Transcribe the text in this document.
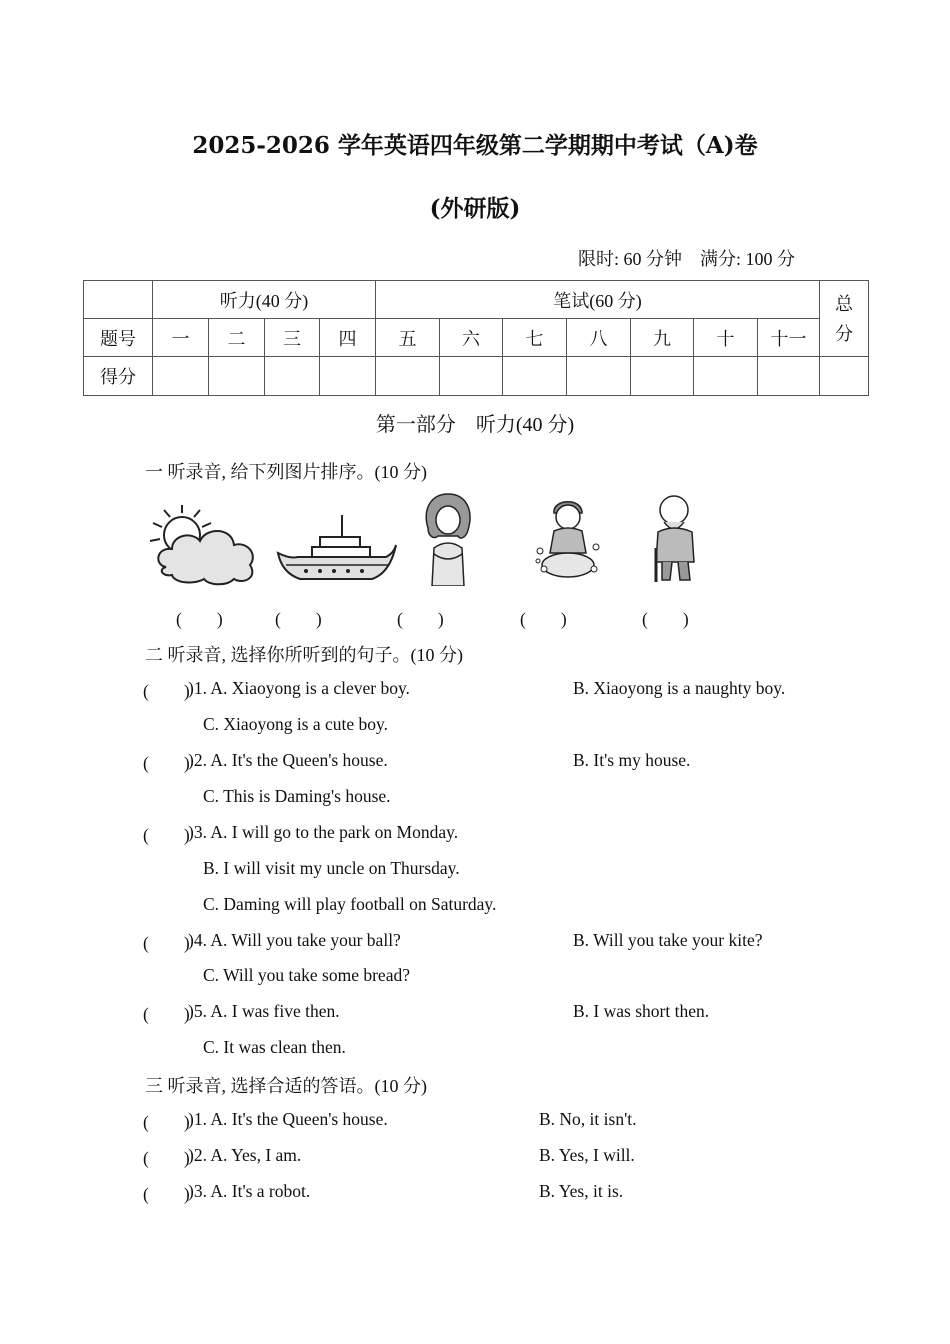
2025-2026 学年英语四年级第二学期期中考试（A)卷
(外研版)
限时: 60 分钟　满分: 100 分
	听力(40 分)				笔试(60 分)							总
分

题号	一	二	三	四	五	六	七	八	九	十	十一	
得分												
第一部分　听力(40 分)
一 听录音, 给下列图片排序。(10 分)
(　　)	(　　)	(　　)	(　　)	(　　)
二 听录音, 选择你所听到的句子。(10 分)
(　　)
)1. A. Xiaoyong is a clever boy.	B. Xiaoyong is a naughty boy.
C. Xiaoyong is a cute boy.
(　　)
)2. A. It's the Queen's house.	B. It's my house.
C. This is Daming's house.
(　　)
)3. A. I will go to the park on Monday.
B. I will visit my uncle on Thursday.
C. Daming will play football on Saturday.
(　　)
)4. A. Will you take your ball?	B. Will you take your kite?
C. Will you take some bread?
(　　)
)5. A. I was five then.	B. I was short then.
C. It was clean then.
三 听录音, 选择合适的答语。(10 分)
(　　)
)1. A. It's the Queen's house.	B. No, it isn't.
(　　)
)2. A. Yes, I am.	B. Yes, I will.
(　　)
)3. A. It's a robot.	B. Yes, it is.
